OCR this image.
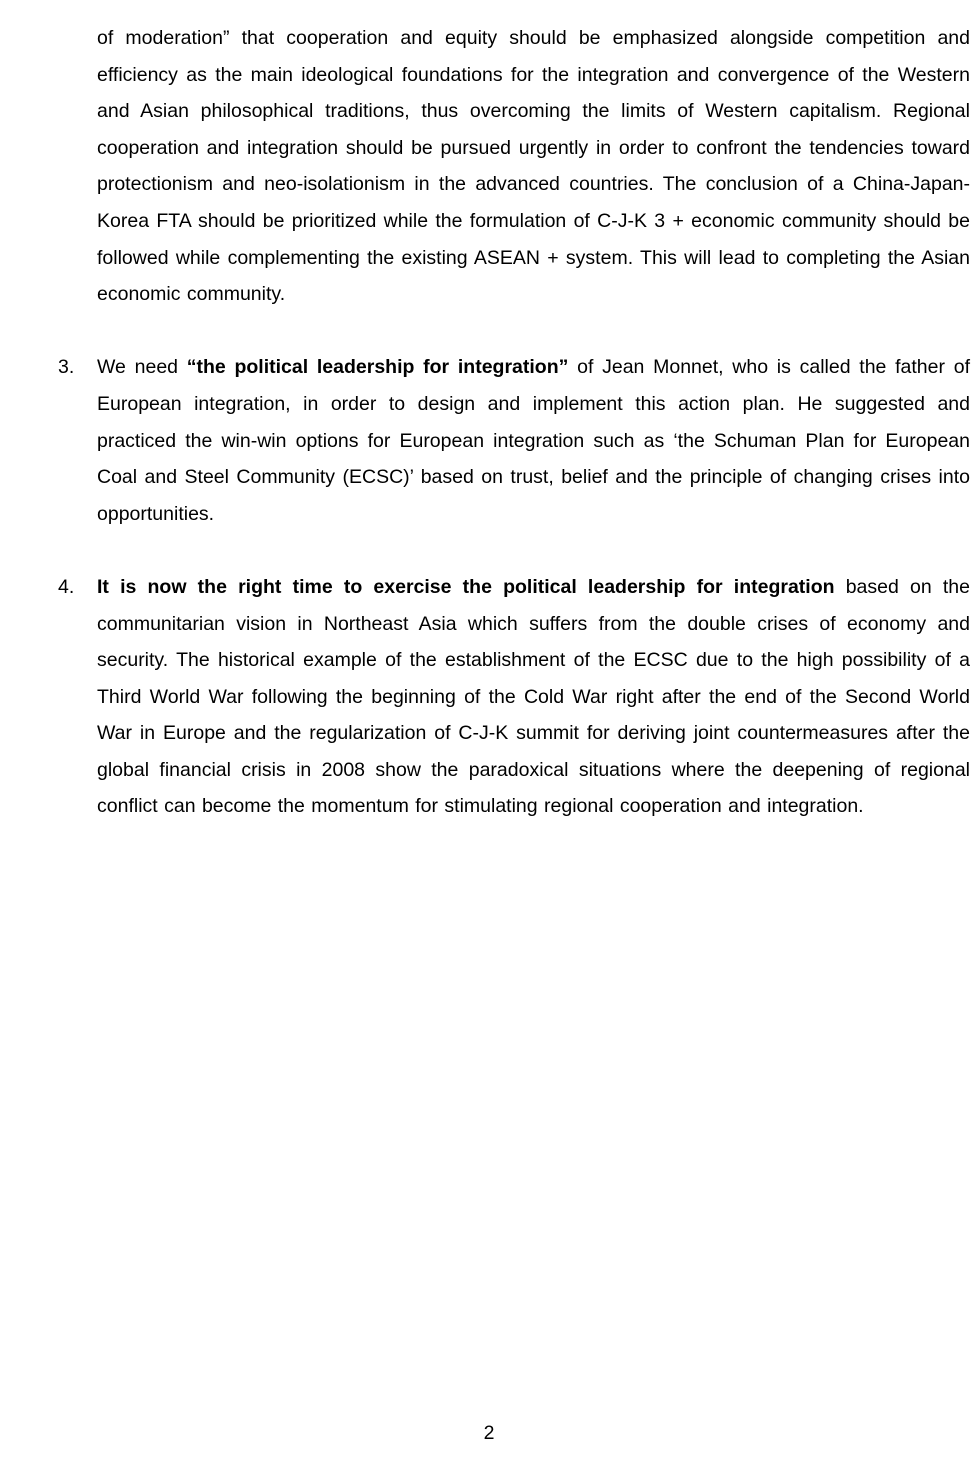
of moderation” that cooperation and equity should be emphasized alongside competition and efficiency as the main ideological foundations for the integration and convergence of the Western and Asian philosophical traditions, thus overcoming the limits of Western capitalism. Regional cooperation and integration should be pursued urgently in order to confront the tendencies toward protectionism and neo-isolationism in the advanced countries. The conclusion of a China-Japan-Korea FTA should be prioritized while the formulation of C-J-K 3 + economic community should be followed while complementing the existing ASEAN + system. This will lead to completing the Asian economic community.

3. We need “the political leadership for integration” of Jean Monnet, who is called the father of European integration, in order to design and implement this action plan. He suggested and practiced the win-win options for European integration such as ‘the Schuman Plan for European Coal and Steel Community (ECSC)’ based on trust, belief and the principle of changing crises into opportunities.
4. It is now the right time to exercise the political leadership for integration based on the communitarian vision in Northeast Asia which suffers from the double crises of economy and security. The historical example of the establishment of the ECSC due to the high possibility of a Third World War following the beginning of the Cold War right after the end of the Second World War in Europe and the regularization of C-J-K summit for deriving joint countermeasures after the global financial crisis in 2008 show the paradoxical situations where the deepening of regional conflict can become the momentum for stimulating regional cooperation and integration.
2
